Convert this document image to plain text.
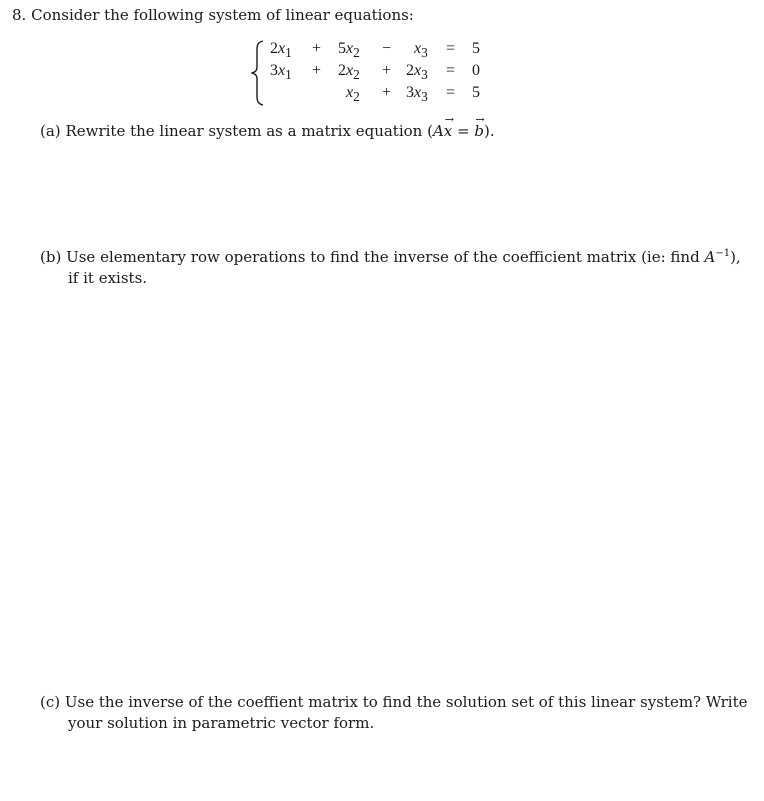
8. Consider the following system of linear equations:
$2x_1 + 5x_2 - x_3 = 5$
$3x_1 + 2x_2 + 2x_3 = 0$
$x_2 + 3x_3 = 5$
(a) Rewrite the linear system as a matrix equation (Ax
→
= b
→
).
(b) Use elementary row operations to find the inverse of the coefficient matrix (ie: find $A^{-1}$),
if it exists.
(c) Use the inverse of the coeffient matrix to find the solution set of this linear system? Write
your solution in parametric vector form.
